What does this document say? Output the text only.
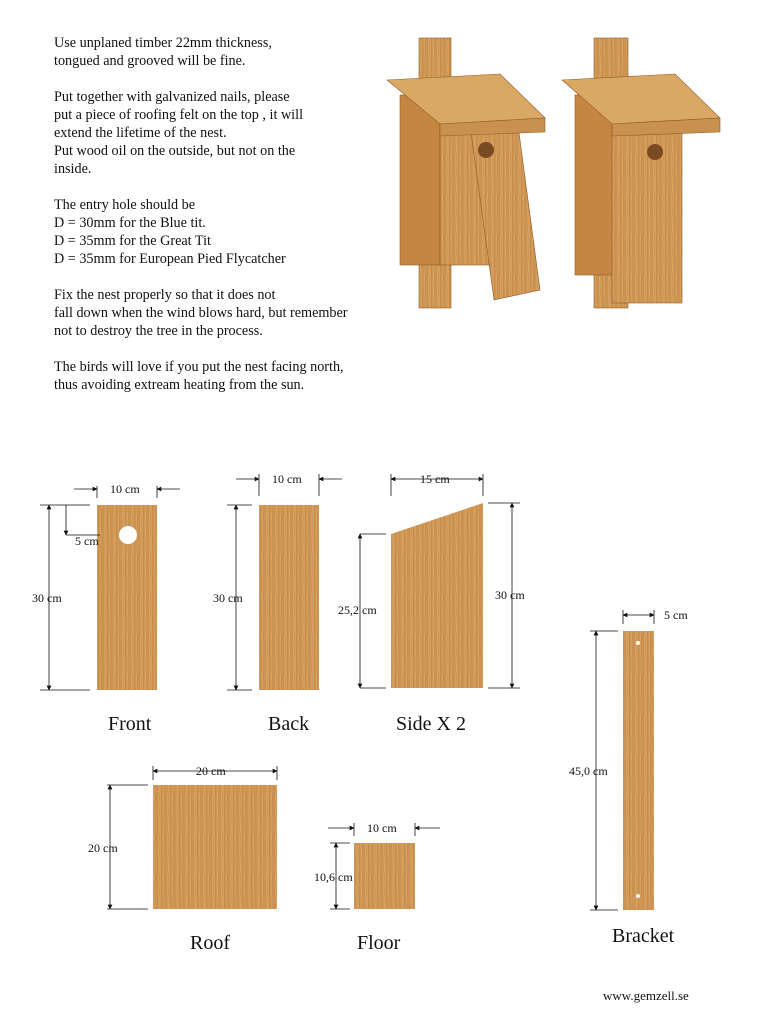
Use unplaned timber 22mm thickness,
tongued and grooved will be fine.

Put together with galvanized nails, please
put a piece of roofing felt on the top , it will
extend the lifetime of the nest.
Put wood oil on the outside, but not on the
inside.

The entry hole should be
D = 30mm for the Blue tit.
D = 35mm for the Great Tit
D = 35mm for European Pied Flycatcher

Fix the nest properly so that it does not
fall down when the wind blows hard, but remember
not to destroy the tree in the process.

The birds will love if you put the nest facing north,
thus avoiding extream heating from the sun.

10 cm
30 cm
5 cm
Front
10 cm
30 cm
Back
15 cm
25,2 cm
30 cm
Side X 2
20 cm
20 cm
Roof
10 cm
10,6 cm
Floor
5 cm
45,0 cm
Bracket
www.gemzell.se
